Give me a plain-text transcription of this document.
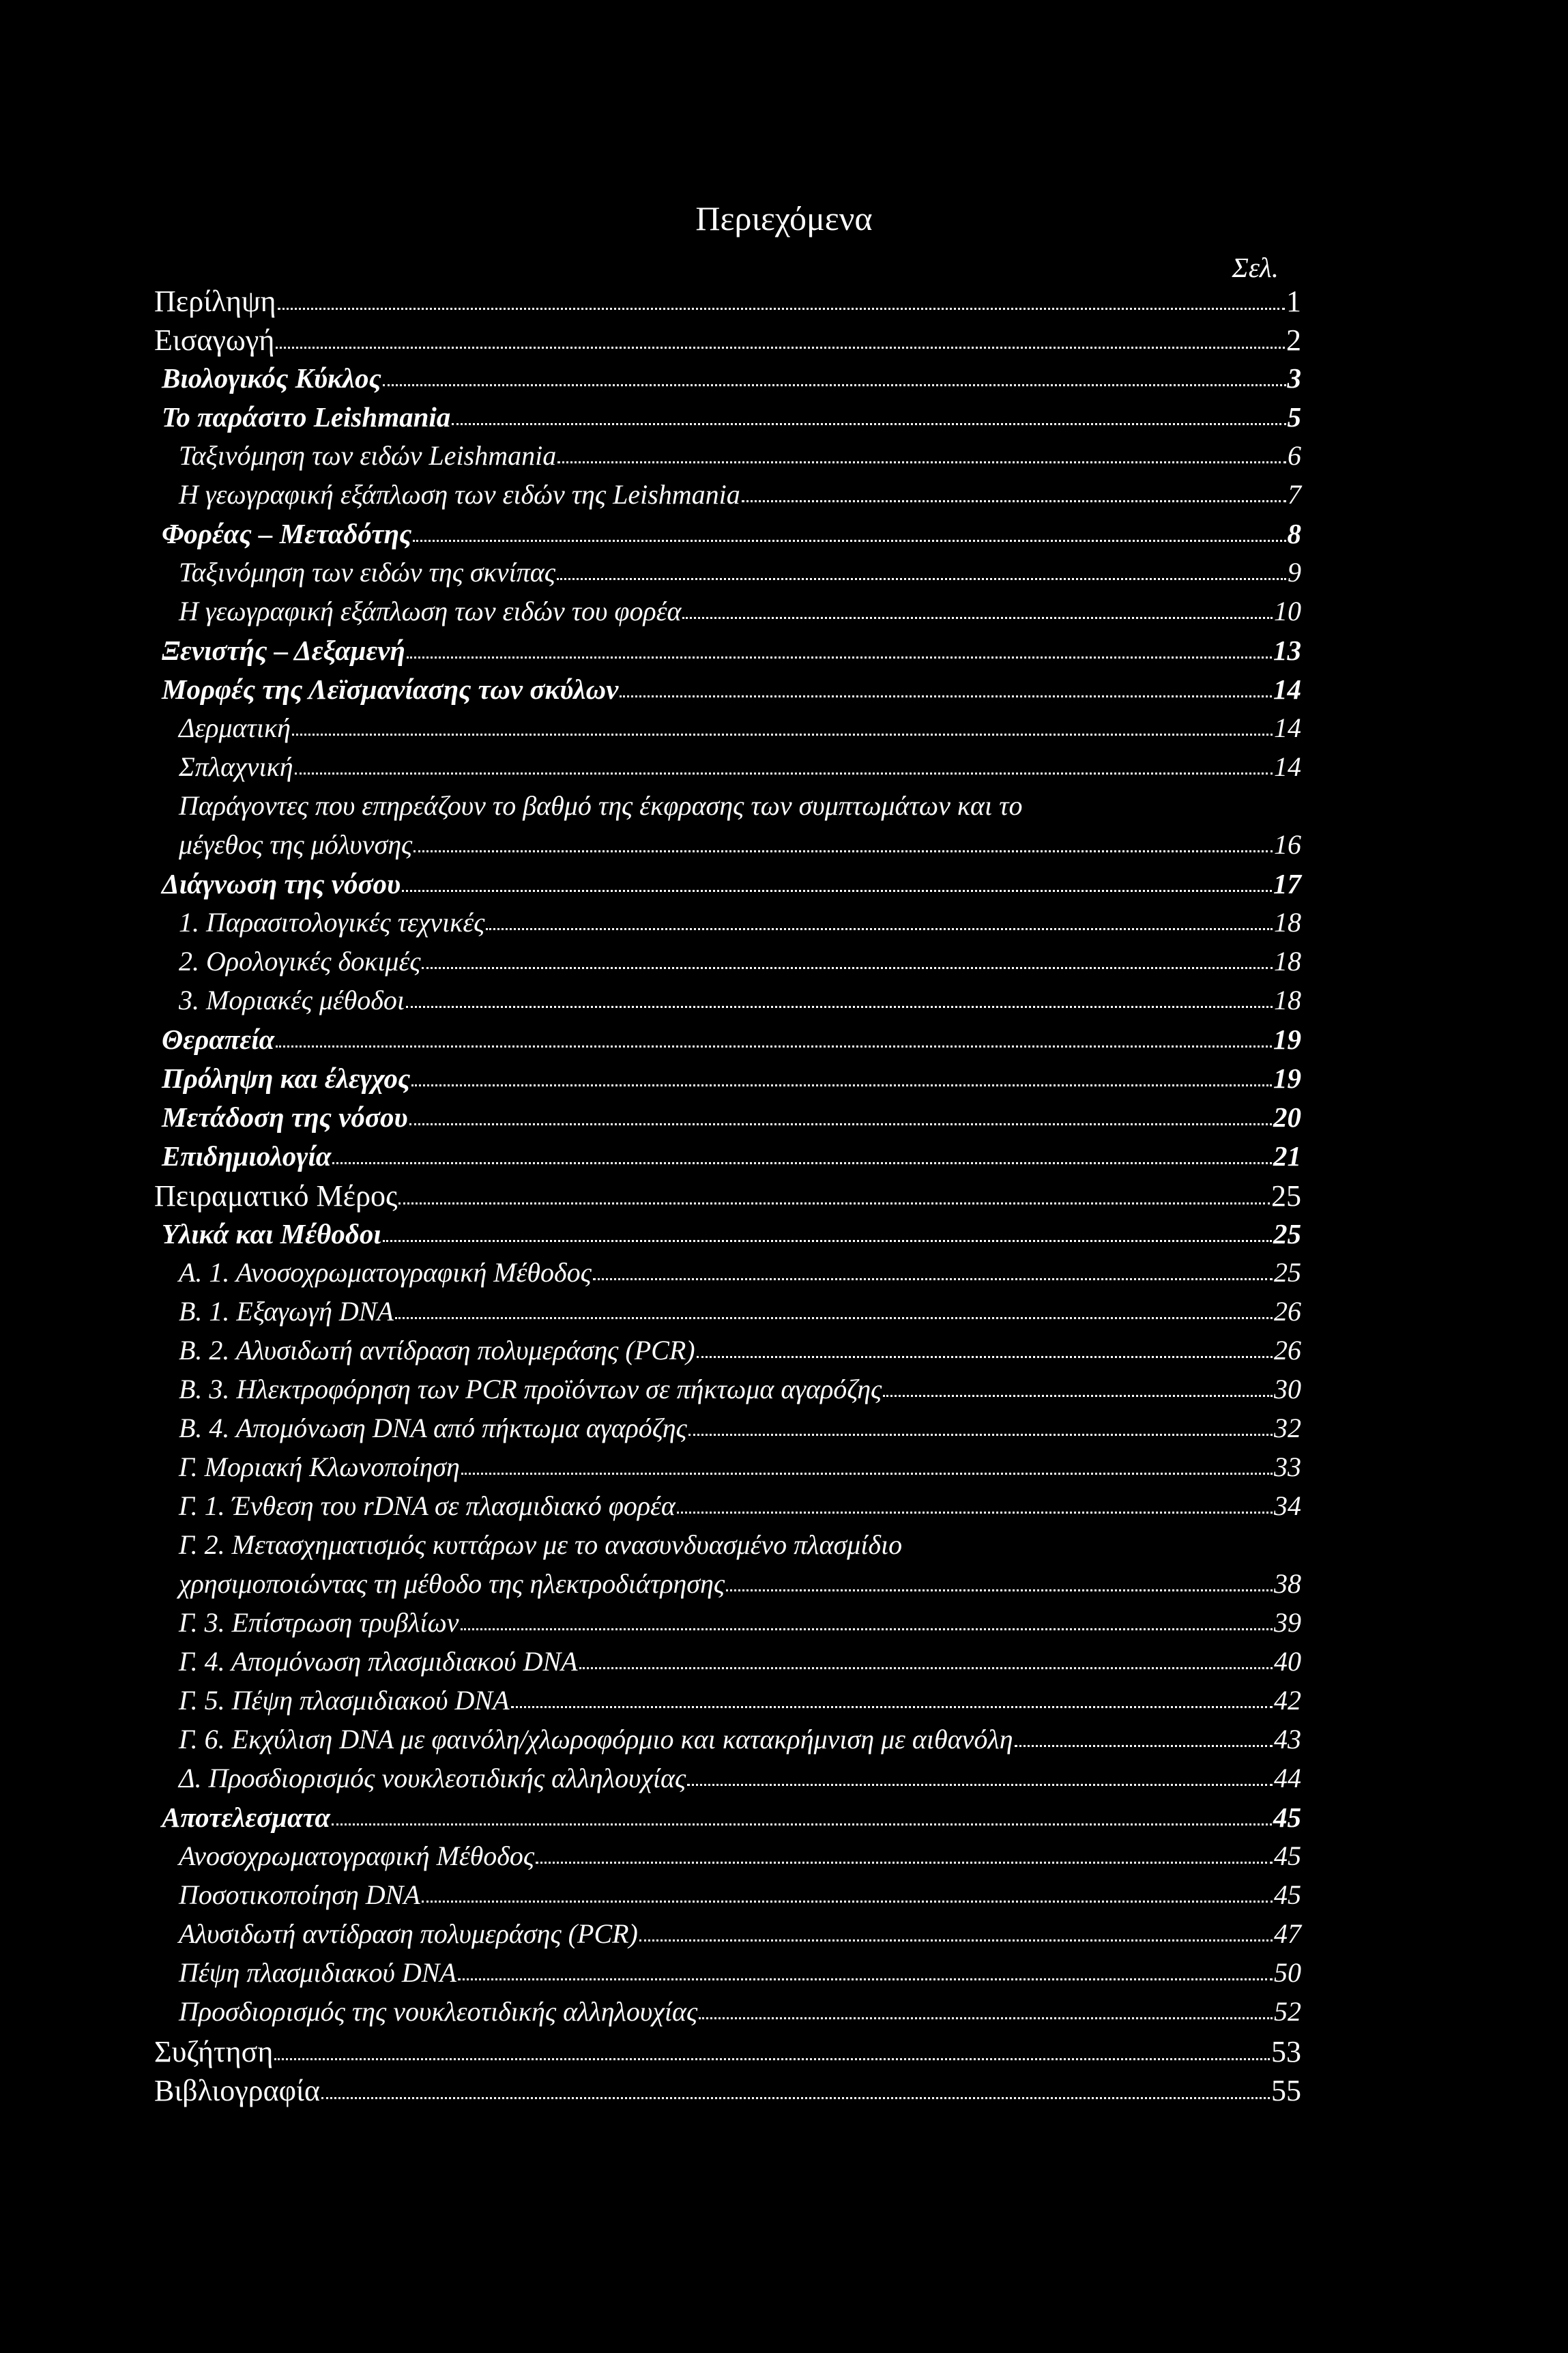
Περιεχόμενα
Σελ.
Περίληψη	1
Εισαγωγή	2
Βιολογικός Κύκλος	3
Το παράσιτο Leishmania	5
Ταξινόμηση των ειδών Leishmania	6
Η γεωγραφική εξάπλωση των ειδών της Leishmania	7
Φορέας – Μεταδότης	8
Ταξινόμηση των ειδών της σκνίπας	9
Η γεωγραφική εξάπλωση των ειδών του φορέα	10
Ξενιστής – Δεξαμενή	13
Μορφές της Λεϊσμανίασης των σκύλων	14
Δερματική	14
Σπλαχνική	14
Παράγοντες που επηρεάζουν το βαθμό της έκφρασης των συμπτωμάτων και το
μέγεθος της μόλυνσης	16
Διάγνωση της νόσου	17
1. Παρασιτολογικές τεχνικές	18
2. Ορολογικές δοκιμές	18
3. Μοριακές μέθοδοι	18
Θεραπεία	19
Πρόληψη και έλεγχος	19
Μετάδοση της νόσου	20
Επιδημιολογία	21
Πειραματικό Μέρος	25
Υλικά και Μέθοδοι	25
Α. 1. Ανοσοχρωματογραφική Μέθοδος	25
Β. 1. Εξαγωγή DNA	26
Β. 2. Αλυσιδωτή αντίδραση πολυμεράσης (PCR)	26
Β. 3. Ηλεκτροφόρηση των PCR προϊόντων σε πήκτωμα αγαρόζης	30
Β. 4. Απομόνωση DNA από πήκτωμα αγαρόζης	32
Γ. Μοριακή Κλωνοποίηση	33
Γ. 1. Ένθεση του rDNA σε πλασμιδιακό φορέα	34
Γ. 2. Μετασχηματισμός κυττάρων με το ανασυνδυασμένο πλασμίδιο
χρησιμοποιώντας τη μέθοδο της ηλεκτροδιάτρησης	38
Γ. 3. Επίστρωση τρυβλίων	39
Γ. 4. Απομόνωση πλασμιδιακού DNA	40
Γ. 5. Πέψη πλασμιδιακού DNA	42
Γ. 6. Εκχύλιση DNA με φαινόλη/χλωροφόρμιο και κατακρήμνιση με αιθανόλη	43
Δ. Προσδιορισμός νουκλεοτιδικής αλληλουχίας	44
Αποτελεσματα	45
Ανοσοχρωματογραφική Μέθοδος	45
Ποσοτικοποίηση DNA	45
Αλυσιδωτή αντίδραση πολυμεράσης (PCR)	47
Πέψη πλασμιδιακού DNA	50
Προσδιορισμός της νουκλεοτιδικής αλληλουχίας	52
Συζήτηση	53
Βιβλιογραφία	55
